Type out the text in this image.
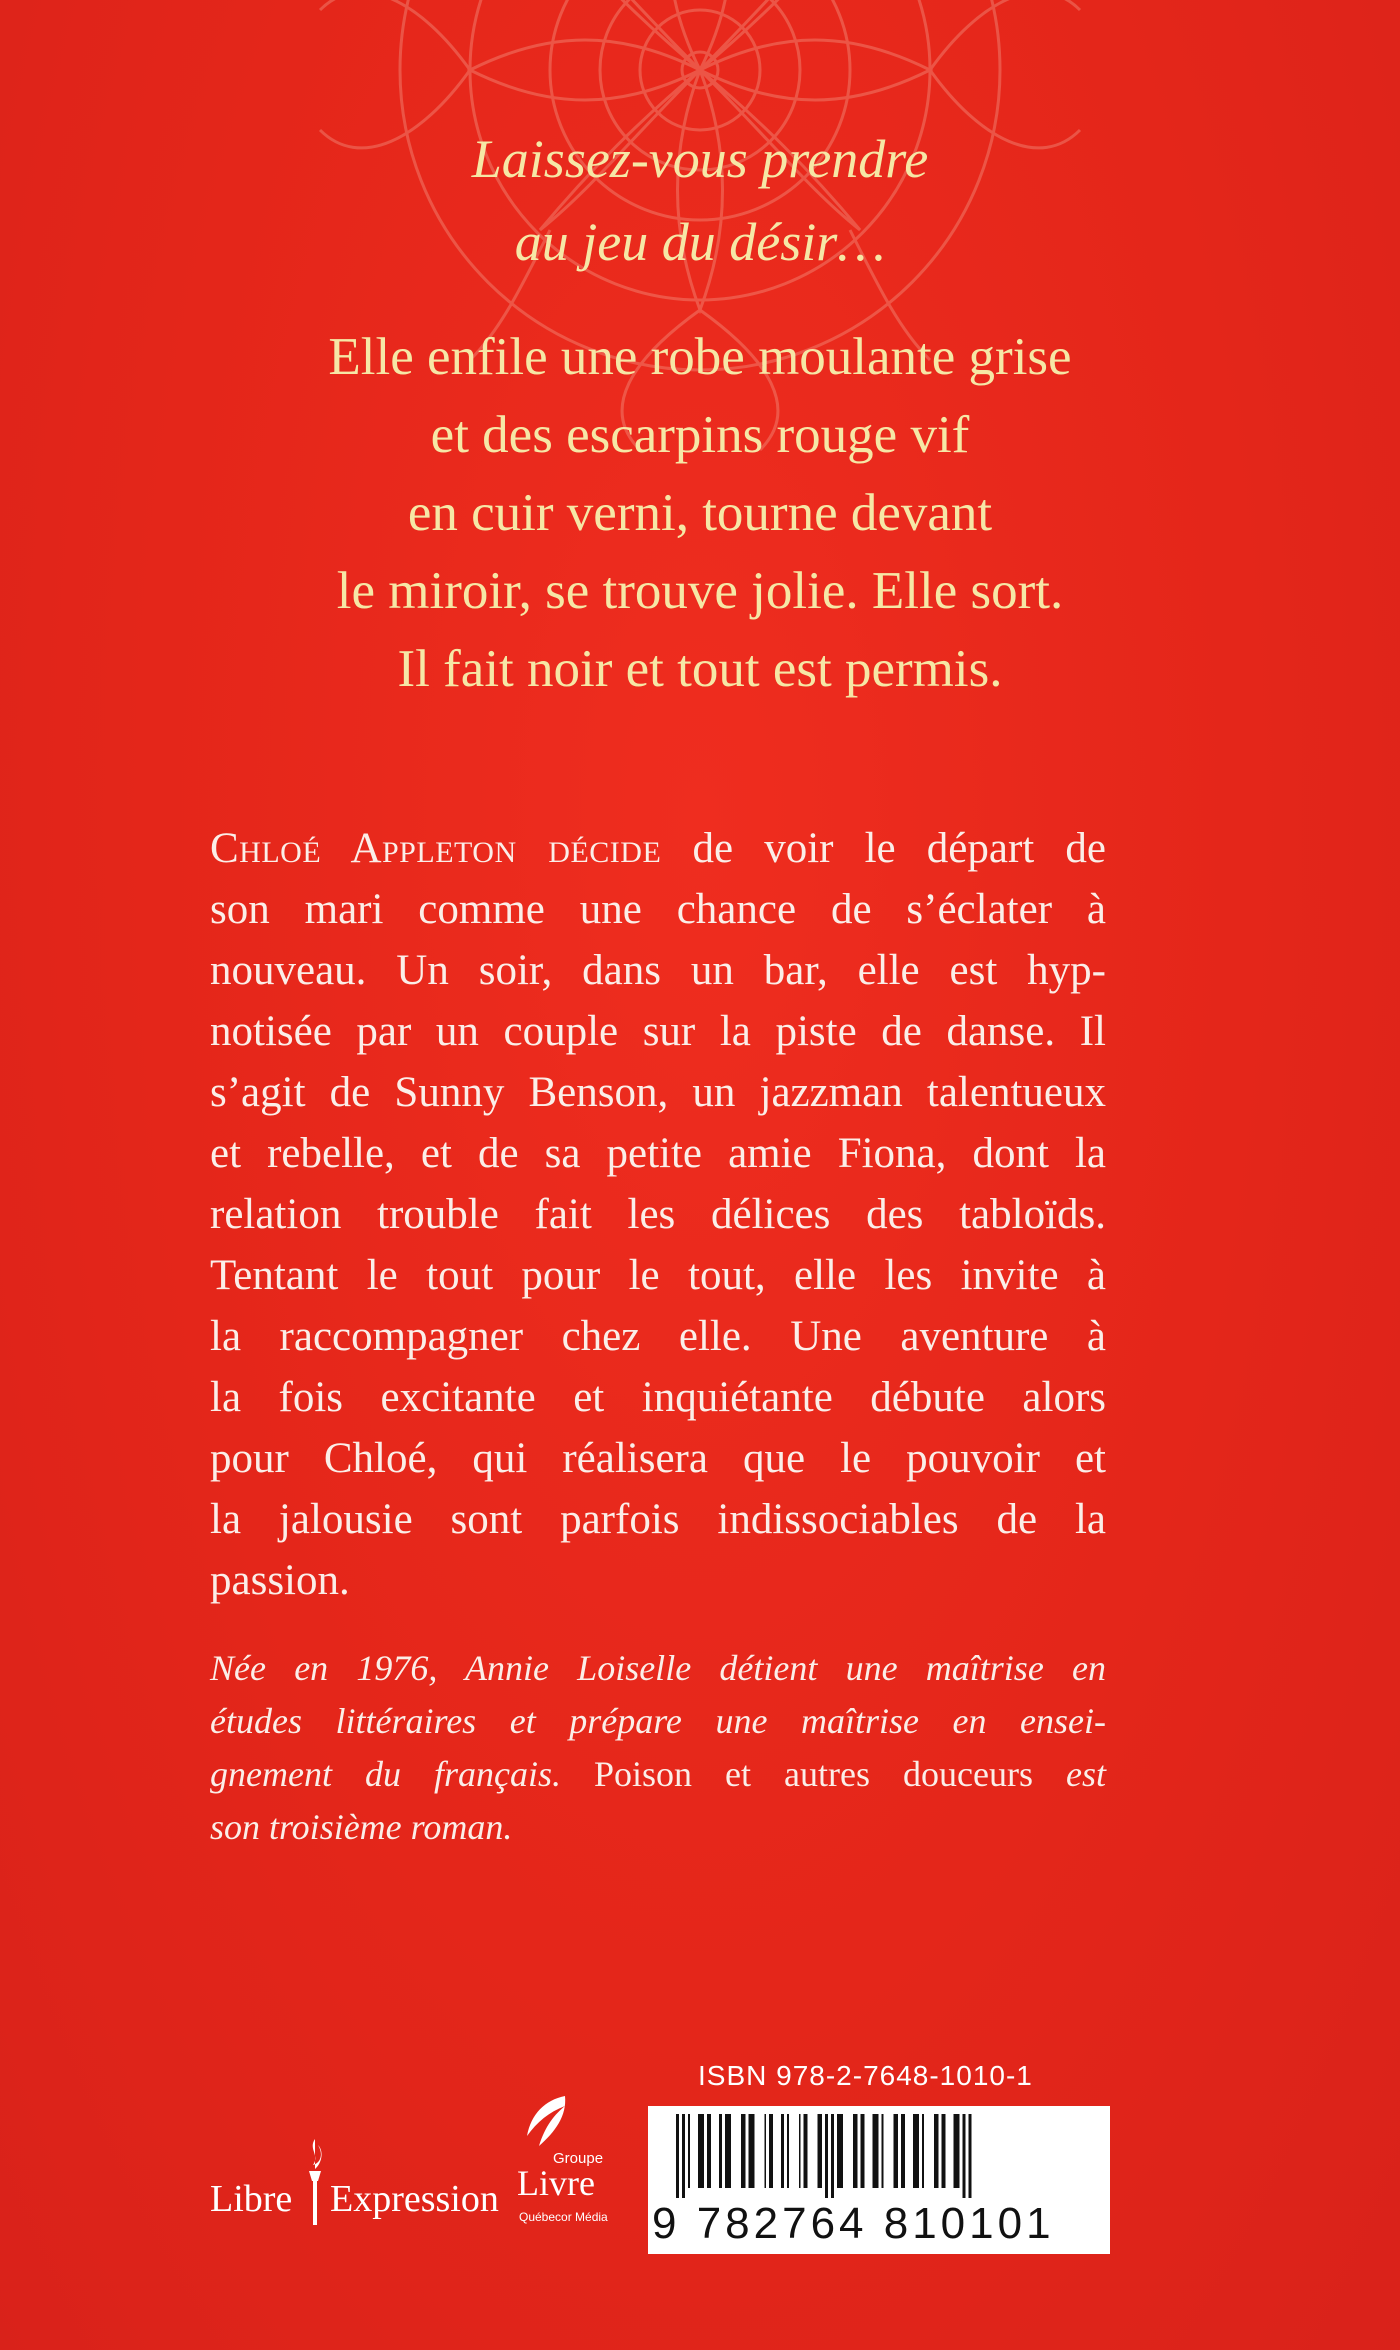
Laissez-vous prendre
au jeu du désir…
Elle enfile une robe moulante grise
et des escarpins rouge vif
en cuir verni, tourne devant
le miroir, se trouve jolie. Elle sort.
Il fait noir et tout est permis.
Chloé Appleton décide de voir le départ de
son mari comme une chance de s’éclater à
nouveau. Un soir, dans un bar, elle est hyp-
notisée par un couple sur la piste de danse. Il
s’agit de Sunny Benson, un jazzman talentueux
et rebelle, et de sa petite amie Fiona, dont la
relation trouble fait les délices des tabloïds.
Tentant le tout pour le tout, elle les invite à
la raccompagner chez elle. Une aventure à
la fois excitante et inquiétante débute alors
pour Chloé, qui réalisera que le pouvoir et
la jalousie sont parfois indissociables de la
passion.
Née en 1976, Annie Loiselle détient une maîtrise en
études littéraires et prépare une maîtrise en ensei-
gnement du français. Poison et autres douceurs est
son troisième roman.
Libre Expression
Groupe
Livre
Québecor Média
ISBN 978-2-7648-1010-1
9 782764 810101
